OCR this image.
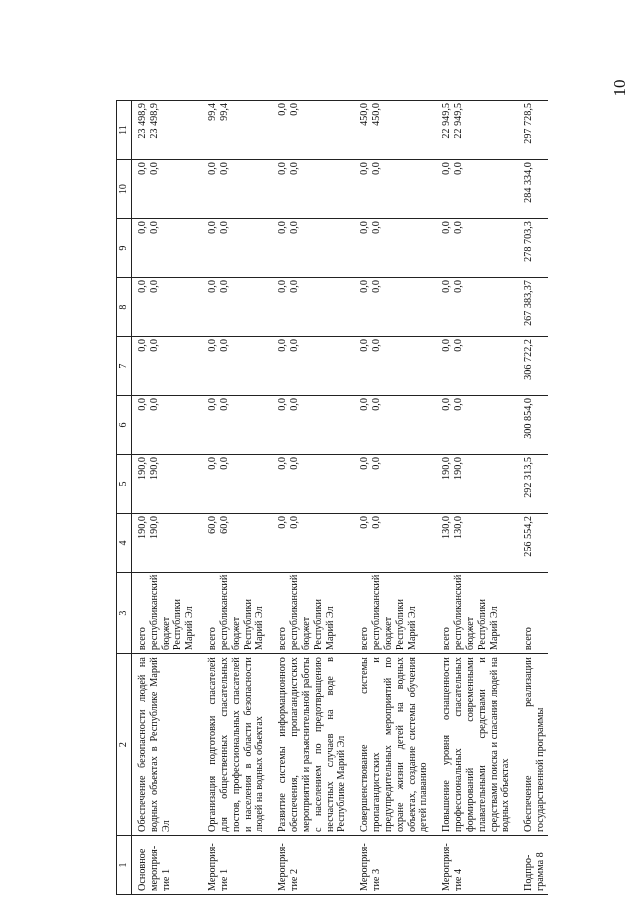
10
1	2	3	4	5	6	7	8	9	10	11
Основное мероприя-тие 1	Обеспечение безопасности людей на водных объектах в Республике Марий Эл	всего республиканский бюджет Республики Марий Эл	190,0 190,0	190,0 190,0	0,0 0,0	0,0 0,0	0,0 0,0	0,0 0,0	0,0 0,0	23 498,9 23 498,9

Мероприя-тие 1	Организация подготовки спасателей для общественных спасательных постов, профессиональных спасателей и населения в области безопасности людей на водных объектах	всего республиканский бюджет Республики Марий Эл	60,0 60,0	0,0 0,0	0,0 0,0	0,0 0,0	0,0 0,0	0,0 0,0	0,0 0,0	99,4 99,4

Мероприя-тие 2	Развитие системы информационного обеспечения, пропагандистских мероприятий и разъяснительной работы с населением по предотвращению несчастных случаев на воде в Республике Марий Эл	всего республиканский бюджет Республики Марий Эл	0,0 0,0	0,0 0,0	0,0 0,0	0,0 0,0	0,0 0,0	0,0 0,0	0,0 0,0	0,0 0,0

Мероприя-тие 3	Совершенствование системы пропагандистских и предупредительных мероприятий по охране жизни детей на водных объектах, создание системы обучения детей плаванию	всего республиканский бюджет Республики Марий Эл	0,0 0,0	0,0 0,0	0,0 0,0	0,0 0,0	0,0 0,0	0,0 0,0	0,0 0,0	450,0 450,0

Мероприя-тие 4	Повышение уровня оснащенности профессиональных спасательных формирований современными плавательными средствами и средствами поиска и спасания людей на водных объектах	всего республиканский бюджет Республики Марий Эл	130,0 130,0	190,0 190,0	0,0 0,0	0,0 0,0	0,0 0,0	0,0 0,0	0,0 0,0	22 949,5 22 949,5

Подпро-грамма 8	Обеспечение реализации государственной программы	всего	256 554,2	292 313,5	300 854,0	306 722,2	267 383,37	278 703,3	284 334,0	297 728,5
